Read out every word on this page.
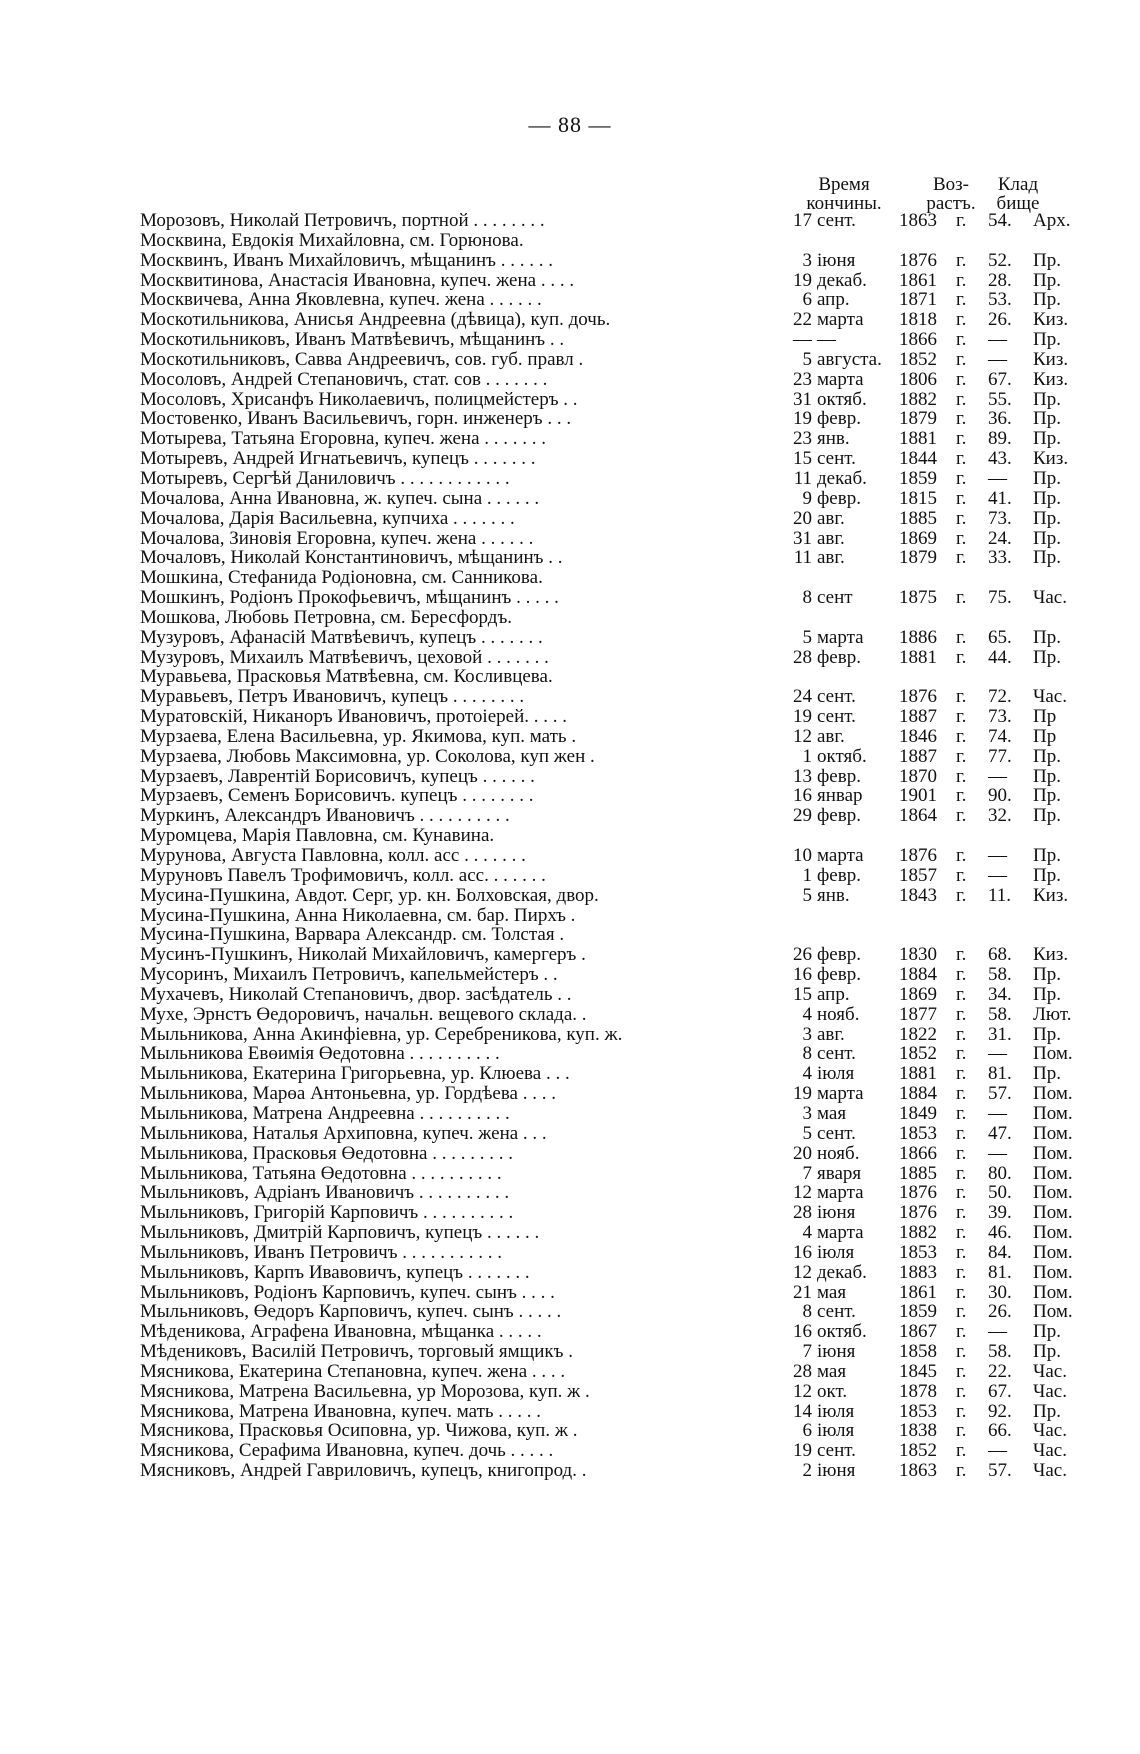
— 88 —
Время
кончины.
Воз-
растъ.
Клад
бище
Морозовъ, Николай Петровичъ, портной . . . . . . . .	17 сент.	1863	г.	54.	Арх.
Москвина, Евдокія Михайловна, см. Горюнова.
Москвинъ, Иванъ Михайловичъ, мѣщанинъ . . . . . .	3 іюня	1876	г.	52.	Пр.
Москвитинова, Анастасія Ивановна, купеч. жена . . . .	19 декаб.	1861	г.	28.	Пр.
Москвичева, Анна Яковлевна, купеч. жена . . . . . .	6 апр.	1871	г.	53.	Пр.
Москотильникова, Анисья Андреевна (дѣвица), куп. дочь.	22 марта	1818	г.	26.	Киз.
Москотильниковъ, Иванъ Матвѣевичъ, мѣщанинъ . .	— —	1866	г.	—	Пр.
Москотильниковъ, Савва Андреевичъ, сов. губ. правл .	5 августа. 1852	г.	—	Киз.
Мосоловъ, Андрей Степановичъ, стат. сов . . . . . . .	23 марта	1806	г.	67.	Киз.
Мосоловъ, Хрисанфъ Николаевичъ, полицмейстеръ . .	31 октяб.	1882	г.	55.	Пр.
Мостовенко, Иванъ Васильевичъ, горн. инженеръ . . .	19 февр.	1879	г.	36.	Пр.
Мотырева, Татьяна Егоровна, купеч. жена . . . . . . .	23 янв.	1881	г.	89.	Пр.
Мотыревъ, Андрей Игнатьевичъ, купецъ . . . . . . .	15 сент.	1844	г.	43.	Киз.
Мотыревъ, Сергѣй Даниловичъ . . . . . . . . . . . .	11 декаб.	1859	г.	—	Пр.
Мочалова, Анна Ивановна, ж. купеч. сына . . . . . .	9 февр.	1815	г.	41.	Пр.
Мочалова, Дарія Васильевна, купчиха . . . . . . .	20 авг.	1885	г.	73.	Пр.
Мочалова, Зиновія Егоровна, купеч. жена . . . . . .	31 авг.	1869	г.	24.	Пр.
Мочаловъ, Николай Константиновичъ, мѣщанинъ . .	11 авг.	1879	г.	33.	Пр.
Мошкина, Стефанида Родіоновна, см. Санникова.
Мошкинъ, Родіонъ Прокофьевичъ, мѣщанинъ . . . . .	8 сент	1875	г.	75.	Час.
Мошкова, Любовь Петровна, см. Бересфордъ.
Музуровъ, Афанасій Матвѣевичъ, купецъ . . . . . . .	5 марта	1886	г.	65.	Пр.
Музуровъ, Михаилъ Матвѣевичъ, цеховой . . . . . . .	28 февр.	1881	г.	44.	Пр.
Муравьева, Прасковья Матвѣевна, см. Косливцева.
Муравьевъ, Петръ Ивановичъ, купецъ . . . . . . . .	24 сент.	1876	г.	72.	Час.
Муратовскій, Никаноръ Ивановичъ, протоіерей. . . . .	19 сент.	1887	г.	73.	Пр
Мурзаева, Елена Васильевна, ур. Якимова, куп. мать .	12 авг.	1846	г.	74.	Пр
Мурзаева, Любовь Максимовна, ур. Соколова, куп жен .	1 октяб.	1887	г.	77.	Пр.
Мурзаевъ, Лаврентій Борисовичъ, купецъ . . . . . .	13 февр.	1870	г.	—	Пр.
Мурзаевъ, Семенъ Борисовичъ. купецъ . . . . . . . .	16 январ	1901	г.	90.	Пр.
Муркинъ, Александръ Ивановичъ . . . . . . . . . .	29 февр.	1864	г.	32.	Пр.
Муромцева, Марія Павловна, см. Кунавина.
Мурунова, Августа Павловна, колл. асс . . . . . . .	10 марта	1876	г.	—	Пр.
Муруновъ Павелъ Трофимовичъ, колл. асс. . . . . . .	1 февр.	1857	г.	—	Пр.
Мусина-Пушкина, Авдот. Серг, ур. кн. Болховская, двор.	5 янв.	1843	г.	11.	Киз.
Мусина-Пушкина, Анна Николаевна, см. бар. Пирхъ .
Мусина-Пушкина, Варвара Александр. см. Толстая .
Мусинъ-Пушкинъ, Николай Михайловичъ, камергеръ .	26 февр.	1830	г.	68.	Киз.
Мусоринъ, Михаилъ Петровичъ, капельмейстеръ . .	16 февр.	1884	г.	58.	Пр.
Мухачевъ, Николай Степановичъ, двор. засѣдатель . .	15 апр.	1869	г.	34.	Пр.
Мухе, Эрнстъ Өедоровичъ, начальн. вещевого склада. .	4 нояб.	1877	г.	58.	Лют.
Мыльникова, Анна Акинфіевна, ур. Серебреникова, куп. ж.	3 авг.	1822	г.	31.	Пр.
Мыльникова Евөимія Өедотовна . . . . . . . . . .	8 сент.	1852	г.	—	Пом.
Мыльникова, Екатерина Григорьевна, ур. Клюева . . .	4 іюля	1881	г.	81.	Пр.
Мыльникова, Марөа Антоньевна, ур. Гордѣева . . . .	19 марта	1884	г.	57.	Пом.
Мыльникова, Матрена Андреевна . . . . . . . . . .	3 мая	1849	г.	—	Пом.
Мыльникова, Наталья Архиповна, купеч. жена . . .	5 сент.	1853	г.	47.	Пом.
Мыльникова, Прасковья Өедотовна . . . . . . . . .	20 нояб.	1866	г.	—	Пом.
Мыльникова, Татьяна Өедотовна . . . . . . . . . .	7 яваря	1885	г.	80.	Пом.
Мыльниковъ, Адріанъ Ивановичъ . . . . . . . . . .	12 марта	1876	г.	50.	Пом.
Мыльниковъ, Григорій Карповичъ . . . . . . . . . .	28 іюня	1876	г.	39.	Пом.
Мыльниковъ, Дмитрій Карповичъ, купецъ . . . . . .	4 марта	1882	г.	46.	Пом.
Мыльниковъ, Иванъ Петровичъ . . . . . . . . . . .	16 іюля	1853	г.	84.	Пом.
Мыльниковъ, Карпъ Ивавовичъ, купецъ . . . . . . .	12 декаб.	1883	г.	81.	Пом.
Мыльниковъ, Родіонъ Карповичъ, купеч. сынъ . . . .	21 мая	1861	г.	30.	Пом.
Мыльниковъ, Өедоръ Карповичъ, купеч. сынъ . . . . .	8 сент.	1859	г.	26.	Пом.
Мѣденикова, Аграфена Ивановна, мѣщанка . . . . .	16 октяб.	1867	г.	—	Пр.
Мѣдениковъ, Василій Петровичъ, торговый ямщикъ .	7 іюня	1858	г.	58.	Пр.
Мясникова, Екатерина Степановна, купеч. жена . . . .	28 мая	1845	г.	22.	Час.
Мясникова, Матрена Васильевна, ур Морозова, куп. ж .	12 окт.	1878	г.	67.	Час.
Мясникова, Матрена Ивановна, купеч. мать . . . . .	14 іюля	1853	г.	92.	Пр.
Мясникова, Прасковья Осиповна, ур. Чижова, куп. ж .	6 іюля	1838	г.	66.	Час.
Мясникова, Серафима Ивановна, купеч. дочь . . . . .	19 сент.	1852	г.	—	Час.
Мясниковъ, Андрей Гавриловичъ, купецъ, книгопрод. .	2 іюня	1863	г.	57.	Час.
